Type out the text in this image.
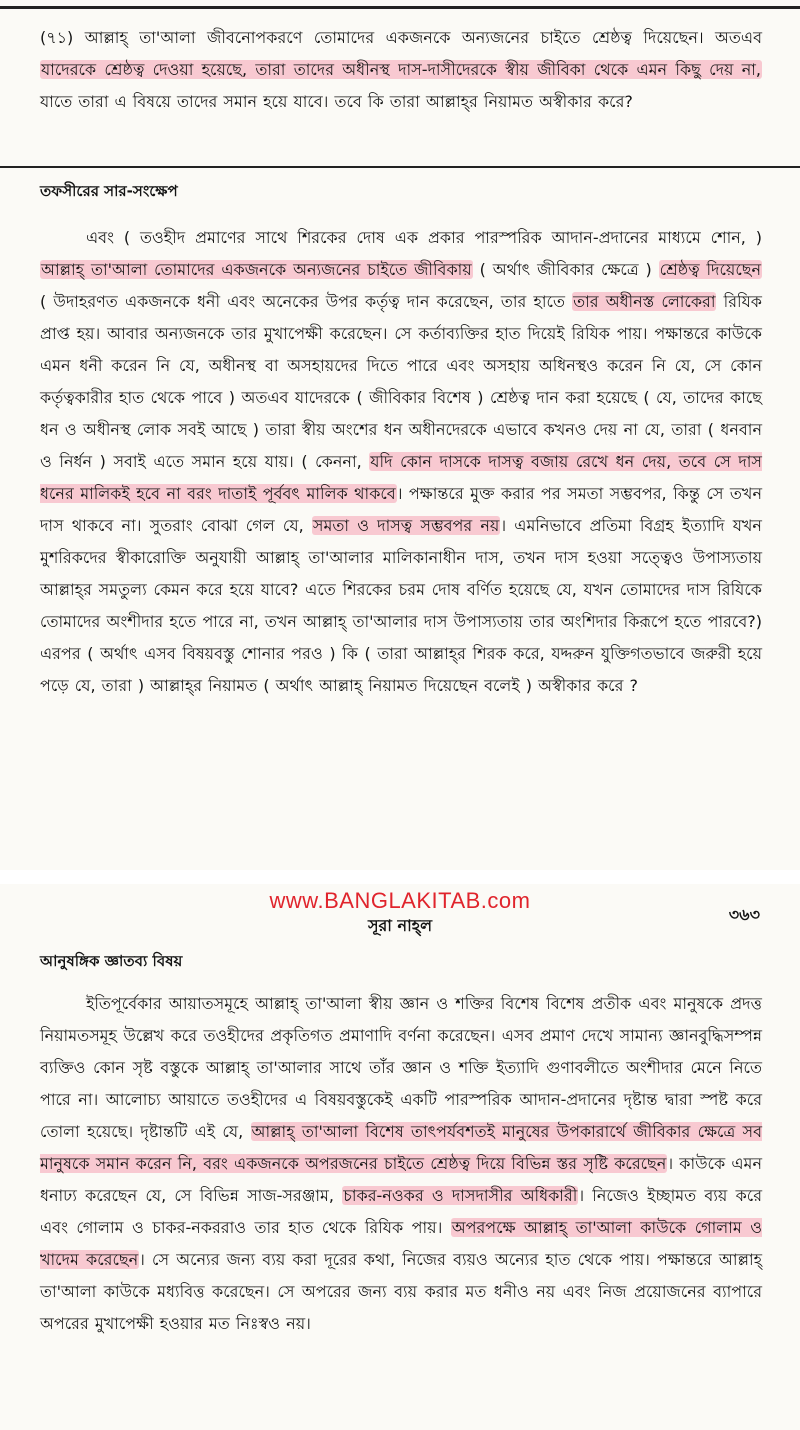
(৭১) আল্লাহ্ তা'আলা জীবনোপকরণে তোমাদের একজনকে অন্যজনের চাইতে শ্রেষ্ঠত্ব দিয়েছেন। অতএব যাদেরকে শ্রেষ্ঠত্ব দেওয়া হয়েছে, তারা তাদের অধীনস্থ দাস-দাসীদেরকে স্বীয় জীবিকা থেকে এমন কিছু দেয় না, যাতে তারা এ বিষয়ে তাদের সমান হয়ে যাবে। তবে কি তারা আল্লাহ্‌র নিয়ামত অস্বীকার করে?

তফসীরের সার-সংক্ষেপ

এবং ( তওহীদ প্রমাণের সাথে শিরকের দোষ এক প্রকার পারস্পরিক আদান-প্রদানের মাধ্যমে শোন, ) আল্লাহ্ তা'আলা তোমাদের একজনকে অন্যজনের চাইতে জীবিকায় ( অর্থাৎ জীবিকার ক্ষেত্রে ) শ্রেষ্ঠত্ব দিয়েছেন ( উদাহরণত একজনকে ধনী এবং অনেকের উপর কর্তৃত্ব দান করেছেন, তার হাতে তার অধীনস্ত লোকেরা রিযিক প্রাপ্ত হয়। আবার অন্যজনকে তার মুখাপেক্ষী করেছেন। সে কর্তাব্যক্তির হাত দিয়েই রিযিক পায়। পক্ষান্তরে কাউকে এমন ধনী করেন নি যে, অধীনস্থ বা অসহায়দের দিতে পারে এবং অসহায় অধিনস্থও করেন নি যে, সে কোন কর্তৃত্বকারীর হাত থেকে পাবে ) অতএব যাদেরকে ( জীবিকার বিশেষ ) শ্রেষ্ঠত্ব দান করা হয়েছে ( যে, তাদের কাছে ধন ও অধীনস্থ লোক সবই আছে ) তারা স্বীয় অংশের ধন অধীনদেরকে এভাবে কখনও দেয় না যে, তারা ( ধনবান ও নির্ধন ) সবাই এতে সমান হয়ে যায়। ( কেননা, যদি কোন দাসকে দাসত্ব বজায় রেখে ধন দেয়, তবে সে দাস ধনের মালিকই হবে না বরং দাতাই পূর্ববৎ মালিক থাকবে। পক্ষান্তরে মুক্ত করার পর সমতা সম্ভবপর, কিন্তু সে তখন দাস থাকবে না। সুতরাং বোঝা গেল যে, সমতা ও দাসত্ব সম্ভবপর নয়। এমনিভাবে প্রতিমা বিগ্রহ ইত্যাদি যখন মুশরিকদের স্বীকারোক্তি অনুযায়ী আল্লাহ্ তা'আলার মালিকানাধীন দাস, তখন দাস হওয়া সত্ত্বেও উপাস্যতায় আল্লাহ্‌র সমতুল্য কেমন করে হয়ে যাবে? এতে শিরকের চরম দোষ বর্ণিত হয়েছে যে, যখন তোমাদের দাস রিযিকে তোমাদের অংশীদার হতে পারে না, তখন আল্লাহ্ তা'আলার দাস উপাস্যতায় তার অংশিদার কিরূপে হতে পারবে?) এরপর ( অর্থাৎ এসব বিষয়বস্তু শোনার পরও ) কি ( তারা আল্লাহ্‌র শিরক করে, যদ্দরুন যুক্তিগতভাবে জরুরী হয়ে পড়ে যে, তারা ) আল্লাহ্‌র নিয়ামত ( অর্থাৎ আল্লাহ্ নিয়ামত দিয়েছেন বলেই ) অস্বীকার করে ?

www.BANGLAKITAB.com
সূরা নাহ্‌ল
৩৬৩
আনুষঙ্গিক জ্ঞাতব্য বিষয়

ইতিপূর্বেকার আয়াতসমূহে আল্লাহ্ তা'আলা স্বীয় জ্ঞান ও শক্তির বিশেষ বিশেষ প্রতীক এবং মানুষকে প্রদত্ত নিয়ামতসমূহ উল্লেখ করে তওহীদের প্রকৃতিগত প্রমাণাদি বর্ণনা করেছেন। এসব প্রমাণ দেখে সামান্য জ্ঞানবুদ্ধিসম্পন্ন ব্যক্তিও কোন সৃষ্ট বস্তুকে আল্লাহ্ তা'আলার সাথে তাঁর জ্ঞান ও শক্তি ইত্যাদি গুণাবলীতে অংশীদার মেনে নিতে পারে না। আলোচ্য আয়াতে তওহীদের এ বিষয়বস্তুকেই একটি পারস্পরিক আদান-প্রদানের দৃষ্টান্ত দ্বারা স্পষ্ট করে তোলা হয়েছে। দৃষ্টান্তটি এই যে, আল্লাহ্ তা'আলা বিশেষ তাৎপর্যবশতই মানুষের উপকারার্থে জীবিকার ক্ষেত্রে সব মানুষকে সমান করেন নি, বরং একজনকে অপরজনের চাইতে শ্রেষ্ঠত্ব দিয়ে বিভিন্ন স্তর সৃষ্টি করেছেন। কাউকে এমন ধনাঢ্য করেছেন যে, সে বিভিন্ন সাজ-সরঞ্জাম, চাকর-নওকর ও দাসদাসীর অধিকারী। নিজেও ইচ্ছামত ব্যয় করে এবং গোলাম ও চাকর-নকররাও তার হাত থেকে রিযিক পায়। অপরপক্ষে আল্লাহ্ তা'আলা কাউকে গোলাম ও খাদেম করেছেন। সে অন্যের জন্য ব্যয় করা দূরের কথা, নিজের ব্যয়ও অন্যের হাত থেকে পায়। পক্ষান্তরে আল্লাহ্ তা'আলা কাউকে মধ্যবিত্ত করেছেন। সে অপরের জন্য ব্যয় করার মত ধনীও নয় এবং নিজ প্রয়োজনের ব্যাপারে অপরের মুখাপেক্ষী হওয়ার মত নিঃস্বও নয়।
